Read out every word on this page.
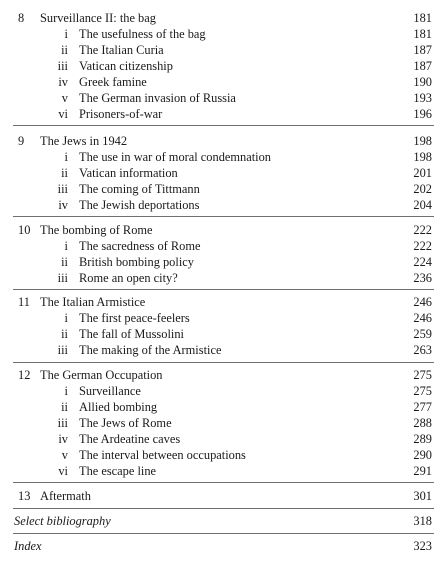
8	Surveillance II: the bag	181
i The usefulness of the bag	181
ii The Italian Curia	187
iii Vatican citizenship	187
iv Greek famine	190
v The German invasion of Russia	193
vi Prisoners-of-war	196
9	The Jews in 1942	198
i The use in war of moral condemnation	198
ii Vatican information	201
iii The coming of Tittmann	202
iv The Jewish deportations	204
10 The bombing of Rome	222
i The sacredness of Rome	222
ii British bombing policy	224
iii Rome an open city?	236
11 The Italian Armistice	246
i The first peace-feelers	246
ii The fall of Mussolini	259
iii The making of the Armistice	263
12 The German Occupation	275
i Surveillance	275
ii Allied bombing	277
iii The Jews of Rome	288
iv The Ardeatine caves	289
v The interval between occupations	290
vi The escape line	291
13 Aftermath	301
Select bibliography	318
Index	323
